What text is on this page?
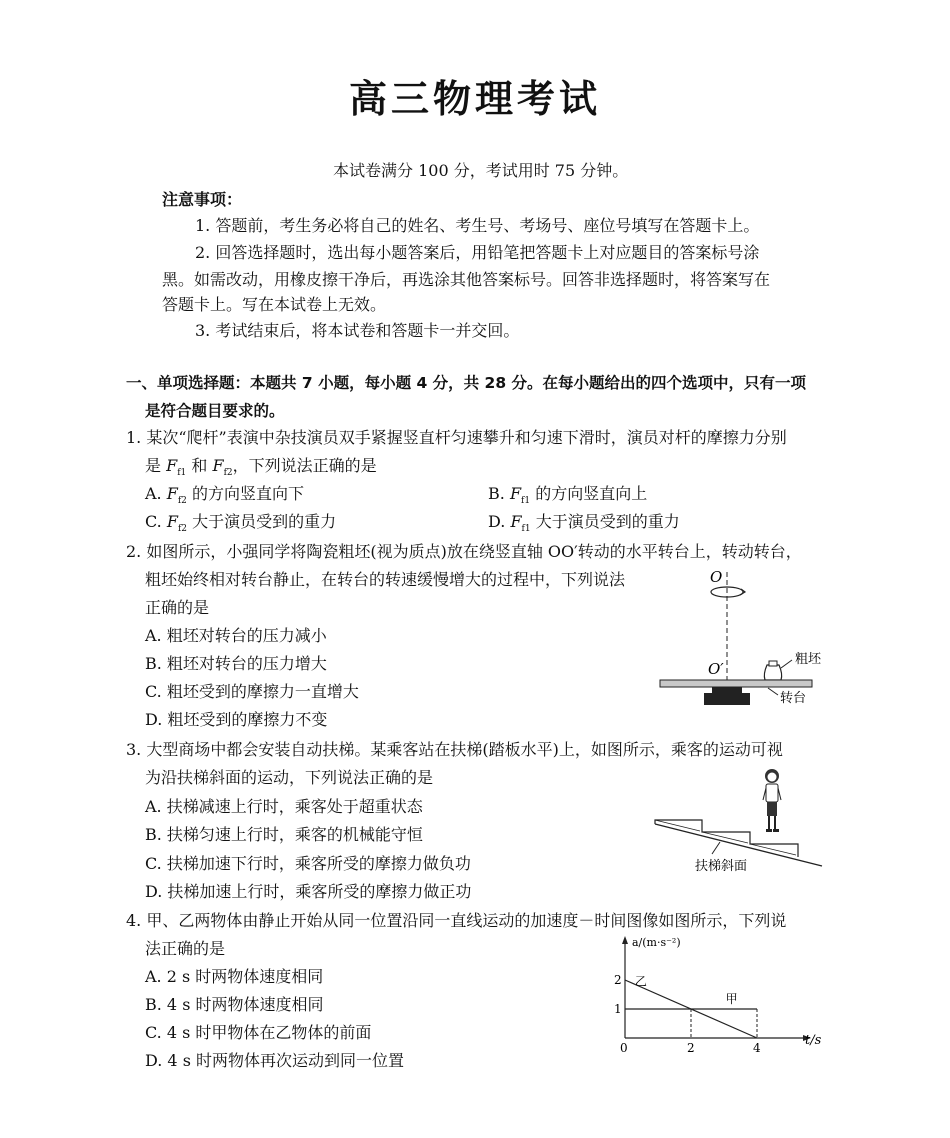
高三物理考试
本试卷满分 100 分，考试用时 75 分钟。
注意事项：
1. 答题前，考生务必将自己的姓名、考生号、考场号、座位号填写在答题卡上。
2. 回答选择题时，选出每小题答案后，用铅笔把答题卡上对应题目的答案标号涂
黑。如需改动，用橡皮擦干净后，再选涂其他答案标号。回答非选择题时，将答案写在
答题卡上。写在本试卷上无效。
3. 考试结束后，将本试卷和答题卡一并交回。
一、单项选择题：本题共 7 小题，每小题 4 分，共 28 分。在每小题给出的四个选项中，只有一项
是符合题目要求的。
1. 某次“爬杆”表演中杂技演员双手紧握竖直杆匀速攀升和匀速下滑时，演员对杆的摩擦力分别
是 $F_{f1}$ 和 $F_{f2}$，下列说法正确的是
A. $F_{f2}$ 的方向竖直向下	B. $F_{f1}$ 的方向竖直向上
C. $F_{f2}$ 大于演员受到的重力	D. $F_{f1}$ 大于演员受到的重力
2. 如图所示，小强同学将陶瓷粗坯(视为质点)放在绕竖直轴 OO′转动的水平转台上，转动转台，
粗坯始终相对转台静止，在转台的转速缓慢增大的过程中，下列说法
正确的是
A. 粗坯对转台的压力减小
B. 粗坯对转台的压力增大
C. 粗坯受到的摩擦力一直增大
D. 粗坯受到的摩擦力不变
O
O′
粗坯
转台
3. 大型商场中都会安装自动扶梯。某乘客站在扶梯(踏板水平)上，如图所示，乘客的运动可视
为沿扶梯斜面的运动，下列说法正确的是
A. 扶梯减速上行时，乘客处于超重状态
B. 扶梯匀速上行时，乘客的机械能守恒
C. 扶梯加速下行时，乘客所受的摩擦力做负功
D. 扶梯加速上行时，乘客所受的摩擦力做正功
扶梯斜面
4. 甲、乙两物体由静止开始从同一位置沿同一直线运动的加速度－时间图像如图所示，下列说
法正确的是
A. 2 s 时两物体速度相同
B. 4 s 时两物体速度相同
C. 4 s 时甲物体在乙物体的前面
D. 4 s 时两物体再次运动到同一位置
t/s
a/(m·s⁻²)
0	2	4
1
2
甲
乙
